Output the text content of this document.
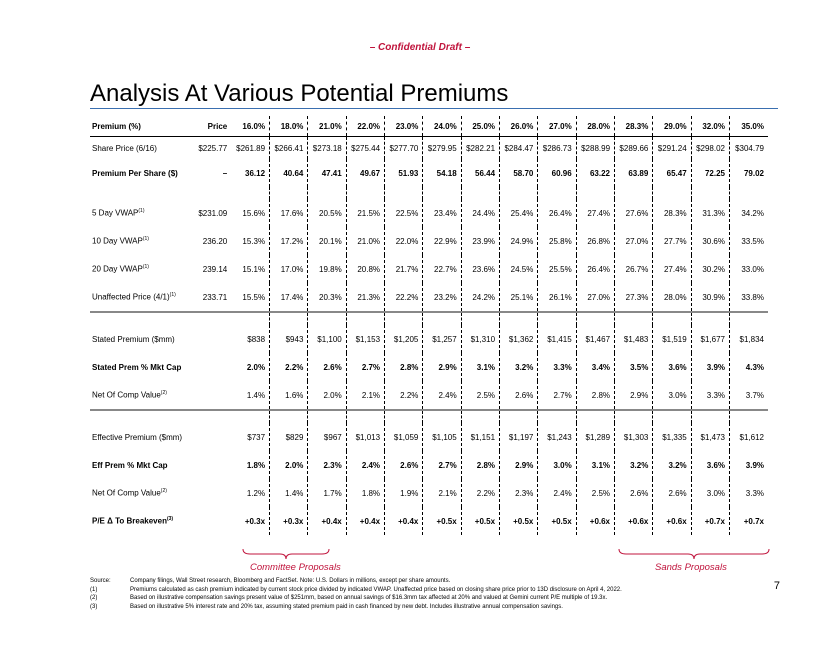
– Confidential Draft –
Analysis At Various Potential Premiums
Premium (%)	Price	16.0%	18.0%	21.0%	22.0%	23.0%	24.0%	25.0%	26.0%	27.0%	28.0%	28.3%	29.0%	32.0%	35.0%
Share Price (6/16)	$225.77	$261.89	$266.41	$273.18	$275.44	$277.70	$279.95	$282.21	$284.47	$286.73	$288.99	$289.66	$291.24	$298.02	$304.79
Premium Per Share ($)	–	36.12	40.64	47.41	49.67	51.93	54.18	56.44	58.70	60.96	63.22	63.89	65.47	72.25	79.02

5 Day VWAP$^{(1)}$	$231.09	15.6%	17.6%	20.5%	21.5%	22.5%	23.4%	24.4%	25.4%	26.4%	27.4%	27.6%	28.3%	31.3%	34.2%
10 Day VWAP$^{(1)}$	236.20	15.3%	17.2%	20.1%	21.0%	22.0%	22.9%	23.9%	24.9%	25.8%	26.8%	27.0%	27.7%	30.6%	33.5%
20 Day VWAP$^{(1)}$	239.14	15.1%	17.0%	19.8%	20.8%	21.7%	22.7%	23.6%	24.5%	25.5%	26.4%	26.7%	27.4%	30.2%	33.0%
Unaffected Price $(4/1)^{(1)}$	233.71	15.5%	17.4%	20.3%	21.3%	22.2%	23.2%	24.2%	25.1%	26.1%	27.0%	27.3%	28.0%	30.9%	33.8%

Stated Premium ($mm)		$838	$943	$1,100	$1,153	$1,205	$1,257	$1,310	$1,362	$1,415	$1,467	$1,483	$1,519	$1,677	$1,834
Stated Prem % Mkt Cap		2.0%	2.2%	2.6%	2.7%	2.8%	2.9%	3.1%	3.2%	3.3%	3.4%	3.5%	3.6%	3.9%	4.3%
Net Of Comp Value$^{(2)}$		1.4%	1.6%	2.0%	2.1%	2.2%	2.4%	2.5%	2.6%	2.7%	2.8%	2.9%	3.0%	3.3%	3.7%

Effective Premium ($mm)		$737	$829	$967	$1,013	$1,059	$1,105	$1,151	$1,197	$1,243	$1,289	$1,303	$1,335	$1,473	$1,612
Eff Prem % Mkt Cap		1.8%	2.0%	2.3%	2.4%	2.6%	2.7%	2.8%	2.9%	3.0%	3.1%	3.2%	3.2%	3.6%	3.9%
Net Of Comp Value$^{(2)}$		1.2%	1.4%	1.7%	1.8%	1.9%	2.1%	2.2%	2.3%	2.4%	2.5%	2.6%	2.6%	3.0%	3.3%
P/E Δ To Breakeven$^{(3)}$		+0.3x	+0.3x	+0.4x	+0.4x	+0.4x	+0.5x	+0.5x	+0.5x	+0.5x	+0.6x	+0.6x	+0.6x	+0.7x	+0.7x
Committee Proposals	Sands Proposals
Source:	Company filings, Wall Street research, Bloomberg and FactSet. Note: U.S. Dollars in millions, except per share amounts.
(1)	Premiums calculated as cash premium indicated by current stock price divided by indicated VWAP. Unaffected price based on closing share price prior to 13D disclosure on April 4, 2022.
(2)	Based on illustrative compensation savings present value of $251mm, based on annual savings of $16.3mm tax affected at 20% and valued at Gemini current P/E multiple of 19.3x.
(3)	Based on illustrative 5% interest rate and 20% tax, assuming stated premium paid in cash financed by new debt. Includes illustrative annual compensation savings.
7
